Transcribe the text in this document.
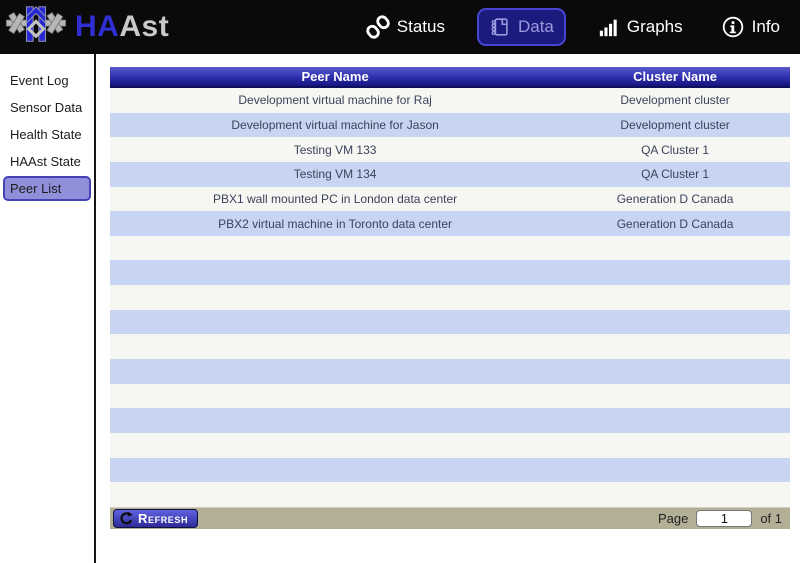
HAAst	Status	Data	Graphs	Info
Event Log
Sensor Data
Health State
HAAst State
Peer List
Peer Name	Cluster Name
Development virtual machine for Raj	Development cluster
Development virtual machine for Jason	Development cluster
Testing VM 133	QA Cluster 1
Testing VM 134	QA Cluster 1
PBX1 wall mounted PC in London data center	Generation D Canada
PBX2 virtual machine in Toronto data center	Generation D Canada
Refresh	Page
1	of 1
